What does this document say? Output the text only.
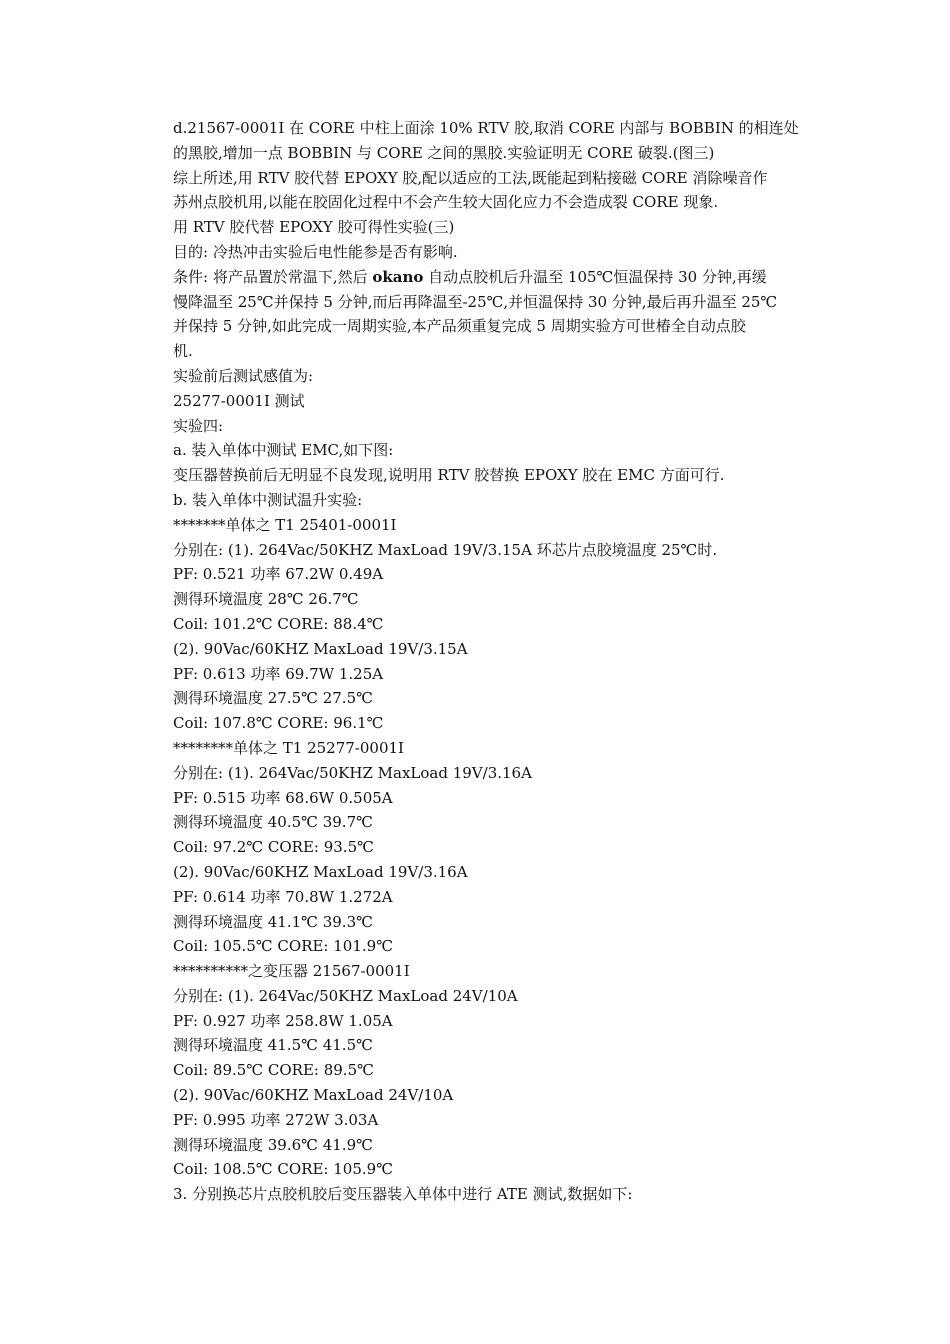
d.21567-0001I 在 CORE 中柱上面涂 10% RTV 胶,取消 CORE 内部与 BOBBIN 的相连处
的黑胶,增加一点 BOBBIN 与 CORE 之间的黑胶.实验证明无 CORE 破裂.(图三)
综上所述,用 RTV 胶代替 EPOXY 胶,配以适应的工法,既能起到粘接磁 CORE 消除噪音作
苏州点胶机用,以能在胶固化过程中不会产生较大固化应力不会造成裂 CORE 现象.
用 RTV 胶代替 EPOXY 胶可得性实验(三)
目的: 冷热冲击实验后电性能参是否有影响.
条件: 将产品置於常温下,然后 okano 自动点胶机后升温至 105℃恒温保持 30 分钟,再缓
慢降温至 25℃并保持 5 分钟,而后再降温至-25℃,并恒温保持 30 分钟,最后再升温至 25℃
并保持 5 分钟,如此完成一周期实验,本产品须重复完成 5 周期实验方可世椿全自动点胶
机.
实验前后测试感值为:
25277-0001I 测试
实验四:
a. 装入单体中测试 EMC,如下图:
变压器替换前后无明显不良发现,说明用 RTV 胶替换 EPOXY 胶在 EMC 方面可行.
b. 装入单体中测试温升实验:
*******单体之 T1 25401-0001I
分别在: (1). 264Vac/50KHZ MaxLoad 19V/3.15A 环芯片点胶境温度 25℃时.
PF: 0.521 功率 67.2W 0.49A
测得环境温度 28℃ 26.7℃
Coil: 101.2℃ CORE: 88.4℃
(2). 90Vac/60KHZ MaxLoad 19V/3.15A
PF: 0.613 功率 69.7W 1.25A
测得环境温度 27.5℃ 27.5℃
Coil: 107.8℃ CORE: 96.1℃
********单体之 T1 25277-0001I
分别在: (1). 264Vac/50KHZ MaxLoad 19V/3.16A
PF: 0.515 功率 68.6W 0.505A
测得环境温度 40.5℃ 39.7℃
Coil: 97.2℃ CORE: 93.5℃
(2). 90Vac/60KHZ MaxLoad 19V/3.16A
PF: 0.614 功率 70.8W 1.272A
测得环境温度 41.1℃ 39.3℃
Coil: 105.5℃ CORE: 101.9℃
**********之变压器 21567-0001I
分别在: (1). 264Vac/50KHZ MaxLoad 24V/10A
PF: 0.927 功率 258.8W 1.05A
测得环境温度 41.5℃ 41.5℃
Coil: 89.5℃ CORE: 89.5℃
(2). 90Vac/60KHZ MaxLoad 24V/10A
PF: 0.995 功率 272W 3.03A
测得环境温度 39.6℃ 41.9℃
Coil: 108.5℃ CORE: 105.9℃
3. 分别换芯片点胶机胶后变压器装入单体中进行 ATE 测试,数据如下:
